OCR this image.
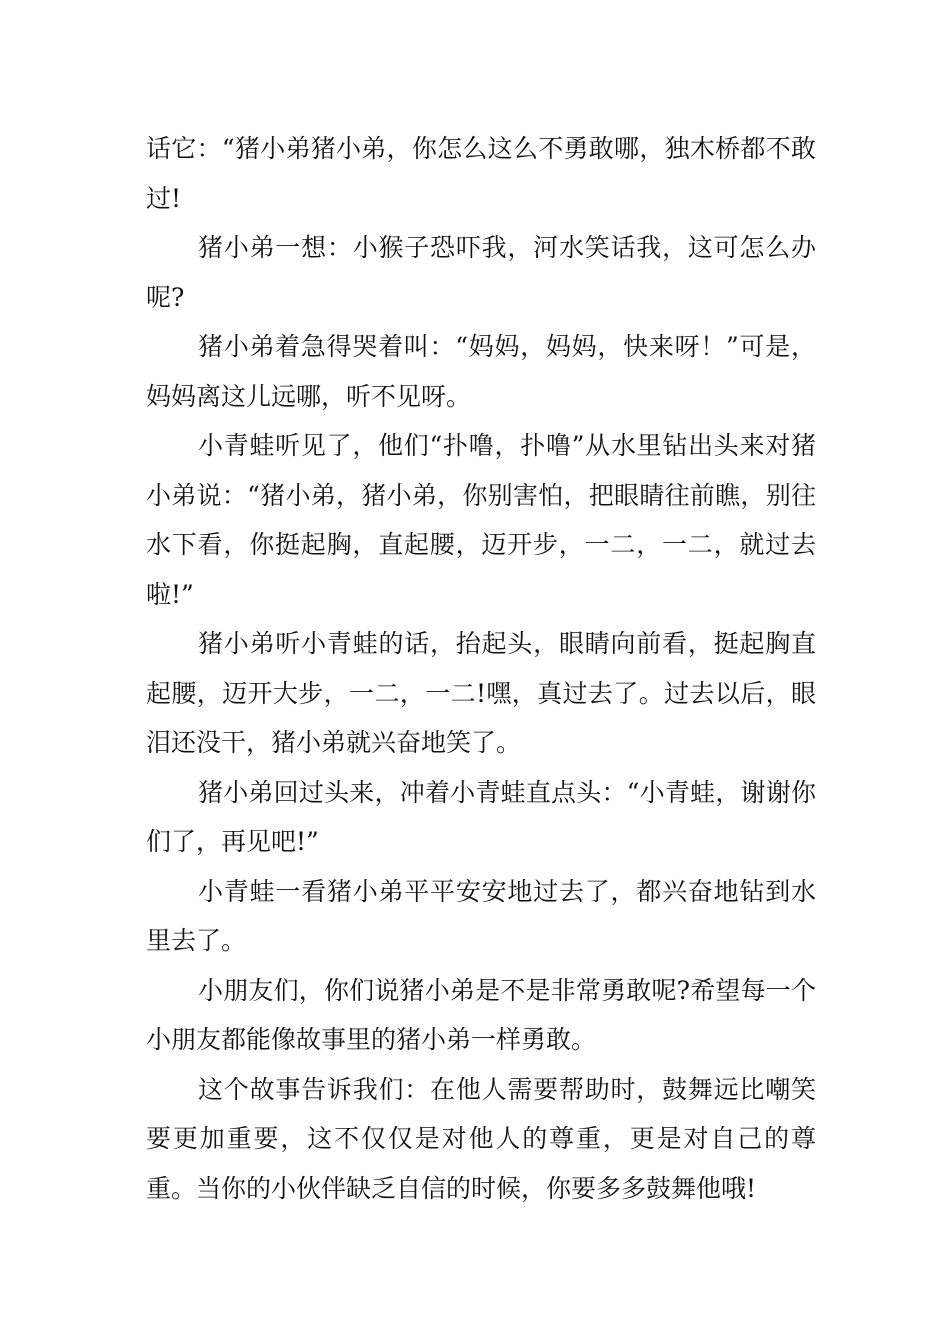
话它：“猪小弟猪小弟，你怎么这么不勇敢哪，独木桥都不敢过!

猪小弟一想：小猴子恐吓我，河水笑话我，这可怎么办呢?

猪小弟着急得哭着叫：“妈妈，妈妈，快来呀！”可是，妈妈离这儿远哪，听不见呀。

小青蛙听见了，他们“扑噜，扑噜”从水里钻出头来对猪小弟说：“猪小弟，猪小弟，你别害怕，把眼睛往前瞧，别往水下看，你挺起胸，直起腰，迈开步，一二，一二，就过去啦!”

猪小弟听小青蛙的话，抬起头，眼睛向前看，挺起胸直起腰，迈开大步，一二，一二!嘿，真过去了。过去以后，眼泪还没干，猪小弟就兴奋地笑了。

猪小弟回过头来，冲着小青蛙直点头：“小青蛙，谢谢你们了，再见吧!”

小青蛙一看猪小弟平平安安地过去了，都兴奋地钻到水里去了。

小朋友们，你们说猪小弟是不是非常勇敢呢?希望每一个小朋友都能像故事里的猪小弟一样勇敢。

这个故事告诉我们：在他人需要帮助时，鼓舞远比嘲笑要更加重要，这不仅仅是对他人的尊重，更是对自己的尊重。当你的小伙伴缺乏自信的时候，你要多多鼓舞他哦!
